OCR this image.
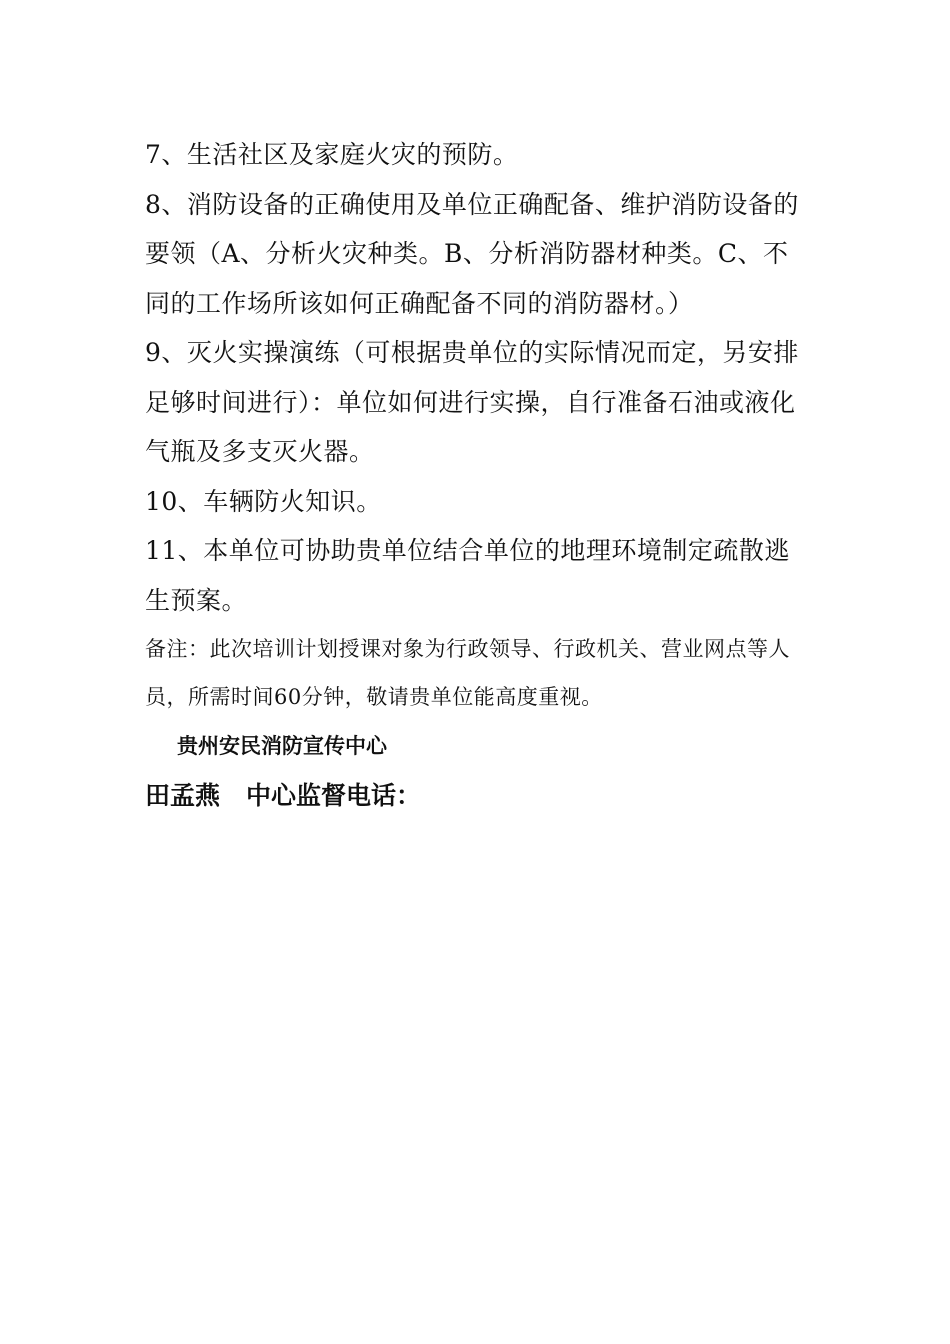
7、生活社区及家庭火灾的预防。

8、消防设备的正确使用及单位正确配备、维护消防设备的要领（A、分析火灾种类。B、分析消防器材种类。C、不同的工作场所该如何正确配备不同的消防器材。）

9、灭火实操演练（可根据贵单位的实际情况而定，另安排足够时间进行）：单位如何进行实操，自行准备石油或液化气瓶及多支灭火器。

10、车辆防火知识。

11、本单位可协助贵单位结合单位的地理环境制定疏散逃生预案。

备注：此次培训计划授课对象为行政领导、行政机关、营业网点等人员，所需时间60分钟，敬请贵单位能高度重视。

贵州安民消防宣传中心

田孟燕 中心监督电话：
